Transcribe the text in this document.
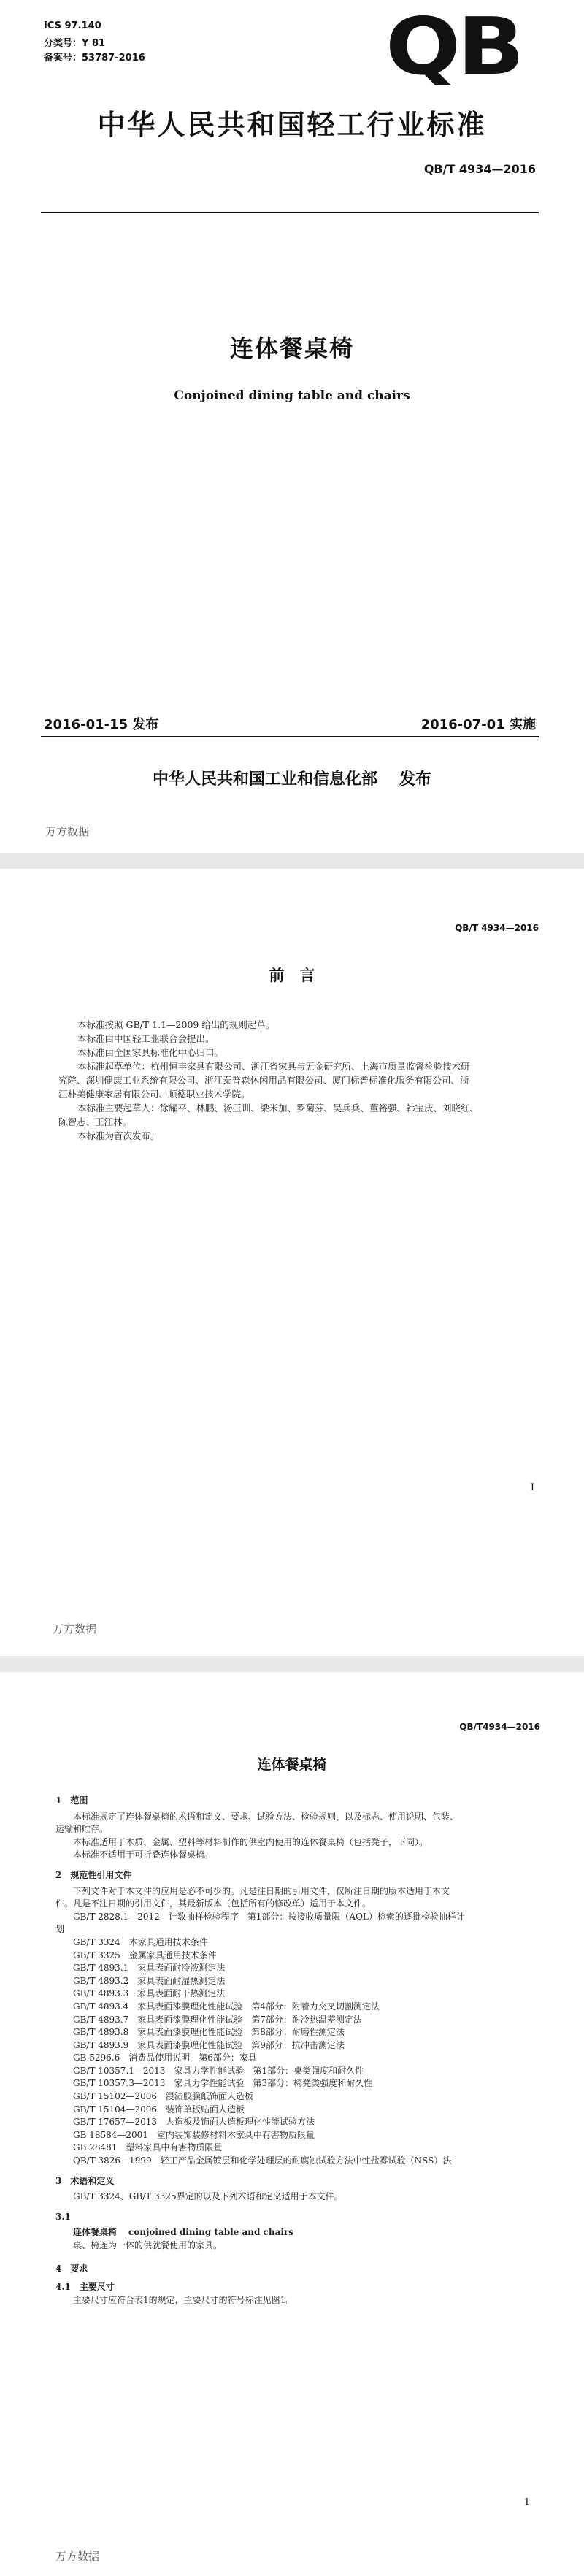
ICS 97.140
分类号：Y 81
备案号：53787-2016	QB
中华人民共和国轻工行业标准
QB/T 4934—2016
连体餐桌椅
Conjoined dining table and chairs
2016-01-15 发布	2016-07-01 实施
中华人民共和国工业和信息化部 发布
万方数据
QB/T 4934—2016
前　言
本标准按照 GB/T 1.1—2009 给出的规则起草。
本标准由中国轻工业联合会提出。
本标准由全国家具标准化中心归口。
本标准起草单位：杭州恒丰家具有限公司、浙江省家具与五金研究所、上海市质量监督检验技术研
究院、深圳健康工业系统有限公司、浙江泰普森休闲用品有限公司、厦门标普标准化服务有限公司、浙
江朴美健康家居有限公司、顺德职业技术学院。
本标准主要起草人：徐耀平、林鹏、汤玉训、梁米加、罗菊芬、吴兵兵、董裕强、韩宝庆、刘晓红、
陈智志、王江林。
本标准为首次发布。
I
万方数据
QB/T4934—2016
连体餐桌椅
1　范围
本标准规定了连体餐桌椅的术语和定义、要求、试验方法、检验规则，以及标志、使用说明、包装、
运输和贮存。
本标准适用于木质、金属、塑料等材料制作的供室内使用的连体餐桌椅（包括凳子，下同）。
本标准不适用于可折叠连体餐桌椅。
2　规范性引用文件
下列文件对于本文件的应用是必不可少的。凡是注日期的引用文件，仅所注日期的版本适用于本文
件。凡是不注日期的引用文件，其最新版本（包括所有的修改单）适用于本文件。
GB/T 2828.1—2012　计数抽样检验程序　第1部分：按接收质量限（AQL）检索的逐批检验抽样计
划
GB/T 3324　木家具通用技术条件
GB/T 3325　金属家具通用技术条件
GB/T 4893.1　家具表面耐冷液测定法
GB/T 4893.2　家具表面耐湿热测定法
GB/T 4893.3　家具表面耐干热测定法
GB/T 4893.4　家具表面漆膜理化性能试验　第4部分：附着力交叉切割测定法
GB/T 4893.7　家具表面漆膜理化性能试验　第7部分：耐冷热温差测定法
GB/T 4893.8　家具表面漆膜理化性能试验　第8部分：耐磨性测定法
GB/T 4893.9　家具表面漆膜理化性能试验　第9部分：抗冲击测定法
GB 5296.6　消费品使用说明　第6部分：家具
GB/T 10357.1—2013　家具力学性能试验　第1部分：桌类强度和耐久性
GB/T 10357.3—2013　家具力学性能试验　第3部分：椅凳类强度和耐久性
GB/T 15102—2006　浸渍胶膜纸饰面人造板
GB/T 15104—2006　装饰单板贴面人造板
GB/T 17657—2013　人造板及饰面人造板理化性能试验方法
GB 18584—2001　室内装饰装修材料木家具中有害物质限量
GB 28481　塑料家具中有害物质限量
QB/T 3826—1999　轻工产品金属镀层和化学处理层的耐腐蚀试验方法中性盐雾试验（NSS）法
3　术语和定义
GB/T 3324、GB/T 3325界定的以及下列术语和定义适用于本文件。
3.1
连体餐桌椅 conjoined dining table and chairs
桌、椅连为一体的供就餐使用的家具。
4　要求
4.1　主要尺寸
主要尺寸应符合表1的规定，主要尺寸的符号标注见图1。
1
万方数据
